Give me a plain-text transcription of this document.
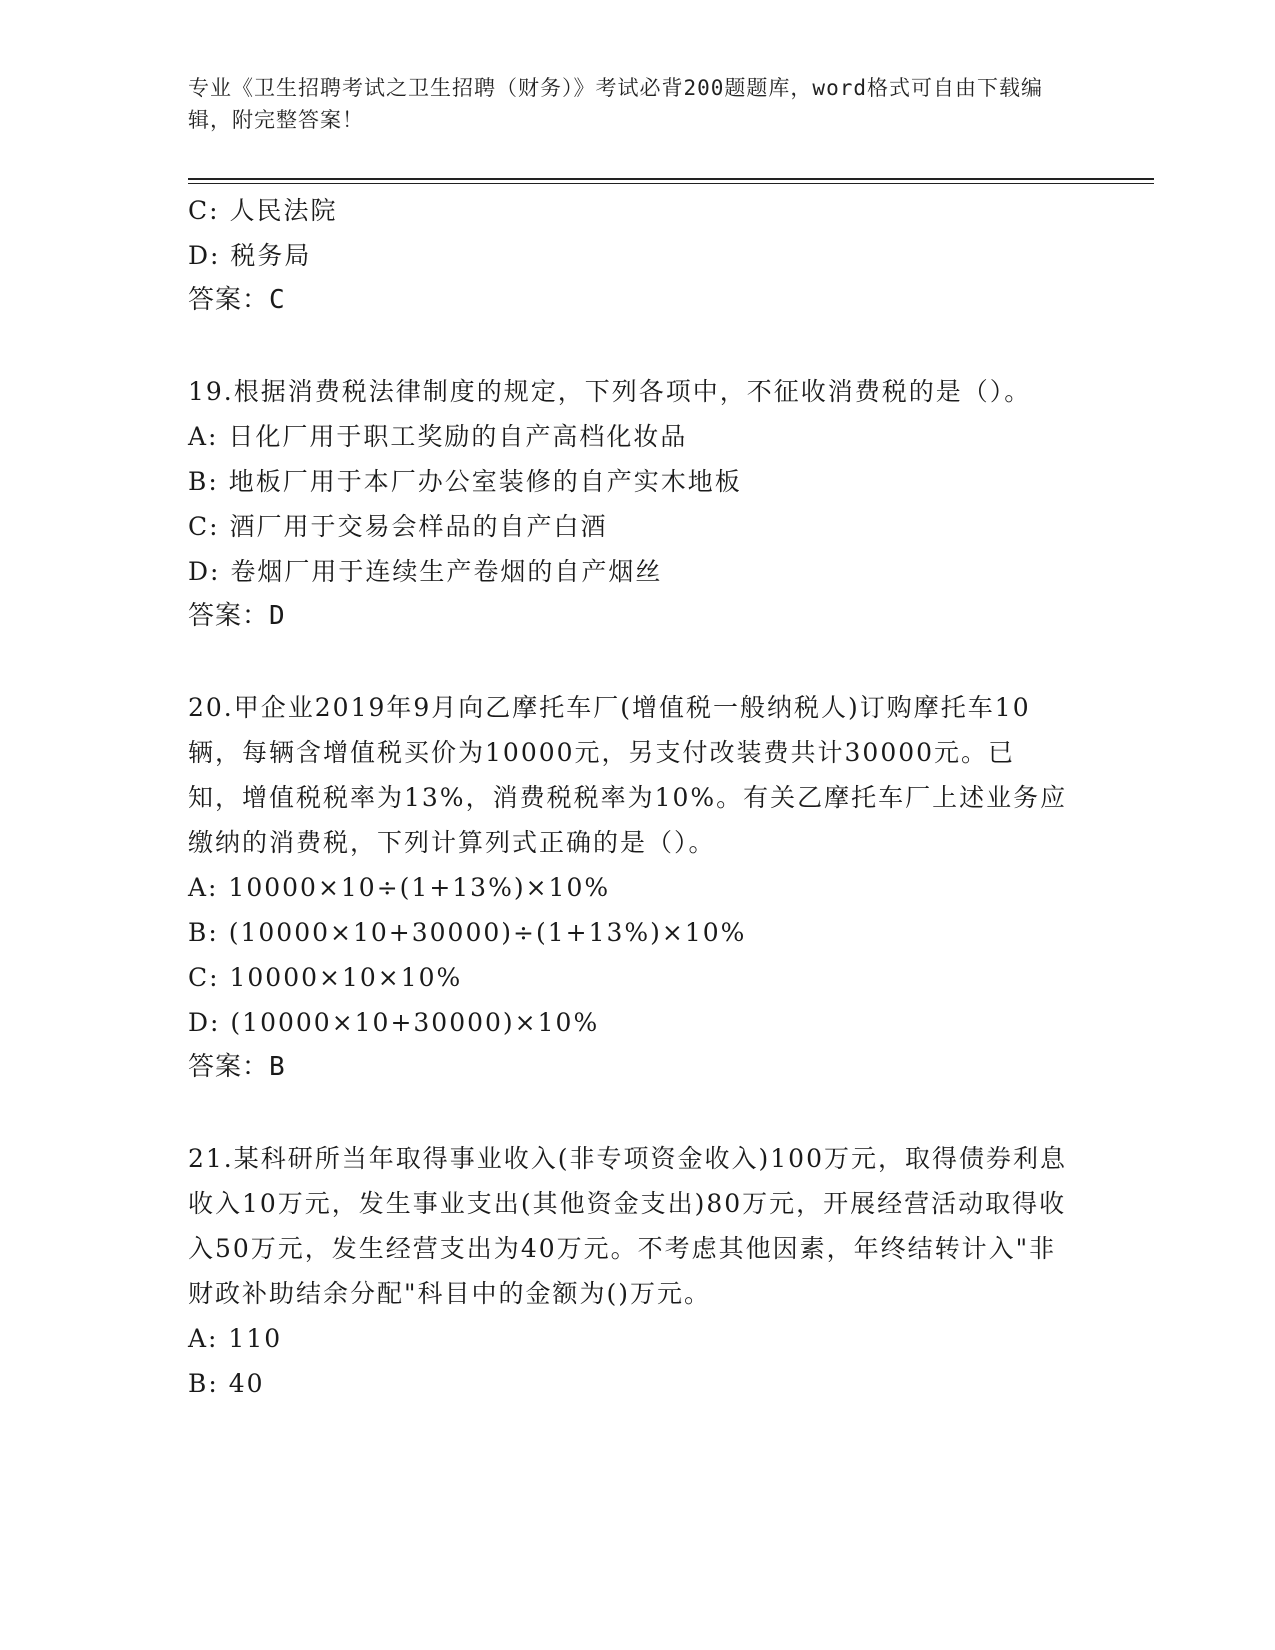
专业《卫生招聘考试之卫生招聘（财务）》考试必背200题题库，word格式可自由下载编辑，附完整答案！
C: 人民法院
D: 税务局
答案：C
19.根据消费税法律制度的规定，下列各项中，不征收消费税的是（）。
A: 日化厂用于职工奖励的自产高档化妆品
B: 地板厂用于本厂办公室装修的自产实木地板
C: 酒厂用于交易会样品的自产白酒
D: 卷烟厂用于连续生产卷烟的自产烟丝
答案：D
20.甲企业2019年9月向乙摩托车厂(增值税一般纳税人)订购摩托车10辆，每辆含增值税买价为10000元，另支付改装费共计30000元。已知，增值税税率为13%，消费税税率为10%。有关乙摩托车厂上述业务应缴纳的消费税，下列计算列式正确的是（）。
A: 10000×10÷(1+13%)×10%
B: (10000×10+30000)÷(1+13%)×10%
C: 10000×10×10%
D: (10000×10+30000)×10%
答案：B
21.某科研所当年取得事业收入(非专项资金收入)100万元，取得债券利息收入10万元，发生事业支出(其他资金支出)80万元，开展经营活动取得收入50万元，发生经营支出为40万元。不考虑其他因素，年终结转计入"非财政补助结余分配"科目中的金额为()万元。
A: 110
B: 40
